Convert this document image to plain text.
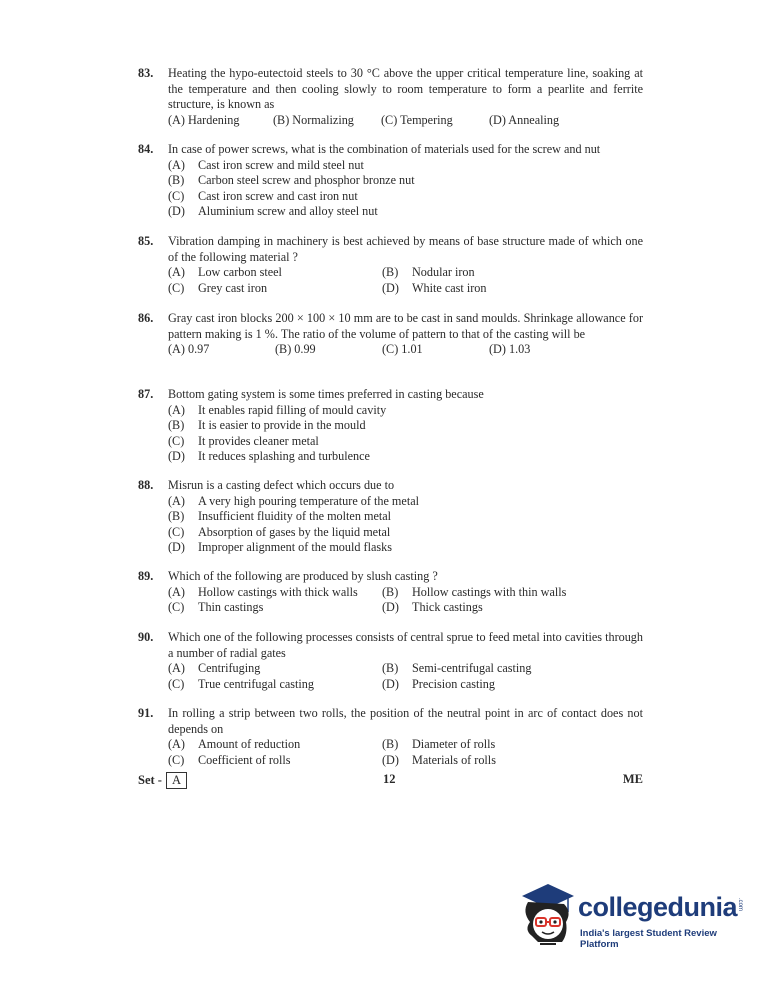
83. Heating the hypo-eutectoid steels to 30 °C above the upper critical temperature line, soaking at the temperature and then cooling slowly to room temperature to form a pearlite and ferrite structure, is known as
(A) Hardening	(B) Normalizing	(C) Tempering	(D) Annealing
84. In case of power screws, what is the combination of materials used for the screw and nut
(A) Cast iron screw and mild steel nut
(B) Carbon steel screw and phosphor bronze nut
(C) Cast iron screw and cast iron nut
(D) Aluminium screw and alloy steel nut
85. Vibration damping in machinery is best achieved by means of base structure made of which one of the following material ?
(A) Low carbon steel	(B) Nodular iron
(C) Grey cast iron	(D) White cast iron
86. Gray cast iron blocks 200 × 100 × 10 mm are to be cast in sand moulds. Shrinkage allowance for pattern making is 1 %. The ratio of the volume of pattern to that of the casting will be
(A) 0.97	(B) 0.99	(C) 1.01	(D) 1.03
87. Bottom gating system is some times preferred in casting because
(A) It enables rapid filling of mould cavity
(B) It is easier to provide in the mould
(C) It provides cleaner metal
(D) It reduces splashing and turbulence
88. Misrun is a casting defect which occurs due to
(A) A very high pouring temperature of the metal
(B) Insufficient fluidity of the molten metal
(C) Absorption of gases by the liquid metal
(D) Improper alignment of the mould flasks
89. Which of the following are produced by slush casting ?
(A) Hollow castings with thick walls	(B) Hollow castings with thin walls
(C) Thin castings	(D) Thick castings
90. Which one of the following processes consists of central sprue to feed metal into cavities through a number of radial gates
(A) Centrifuging	(B) Semi-centrifugal casting
(C) True centrifugal casting	(D) Precision casting
91. In rolling a strip between two rolls, the position of the neutral point in arc of contact does not depends on
(A) Amount of reduction	(B) Diameter of rolls
(C) Coefficient of rolls	(D) Materials of rolls
Set - A	12	ME
collegedunia .com
India's largest Student Review Platform
